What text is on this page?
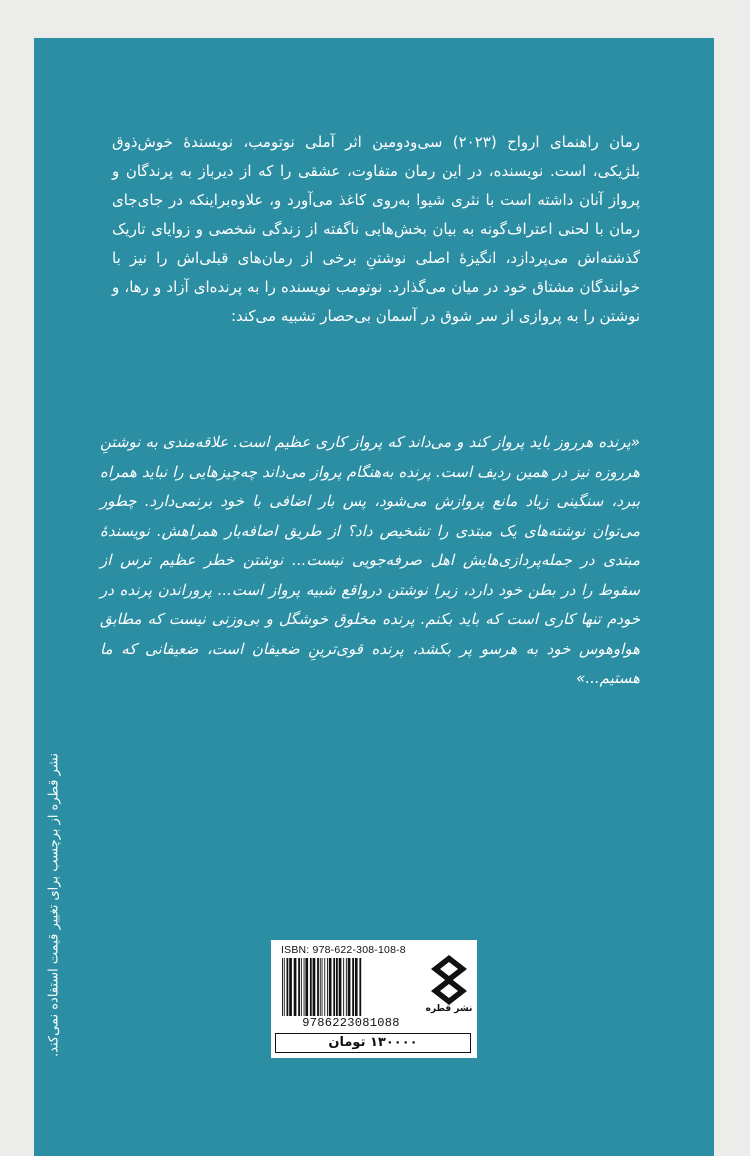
رمان راهنمای ارواح (۲۰۲۳) سی‌ودومین اثر آملی نوتومب، نویسندهٔ خوش‌ذوق بلژیکی، است. نویسنده، در این رمان متفاوت، عشقی را که از دیرباز به پرندگان و پرواز آنان داشته است با نثری شیوا به‌روی کاغذ می‌آورد و، علاوه‌براینکه در جای‌جای رمان با لحنی اعتراف‌گونه به بیان بخش‌هایی ناگفته از زندگی شخصی و زوایای تاریک گذشته‌اش می‌پردازد، انگیزهٔ اصلی نوشتنِ برخی از رمان‌های قبلی‌اش را نیز با خوانندگان مشتاق خود در میان می‌گذارد. نوتومب نویسنده را به پرنده‌ای آزاد و رها، و نوشتن را به پروازی از سر شوق در آسمان بی‌حصار تشبیه می‌کند:

«پرنده هرروز باید پرواز کند و می‌داند که پرواز کاری عظیم است. علاقه‌مندی به نوشتنِ هرروزه نیز در همین ردیف است. پرنده به‌هنگام پرواز می‌داند چه‌چیزهایی را نباید همراه ببرد، سنگینی زیاد مانع پروازش می‌شود، پس بار اضافی با خود برنمی‌دارد. چطور می‌توان نوشته‌های یک مبتدی را تشخیص داد؟ از طریق اضافه‌بار همراهش. نویسندهٔ مبتدی در جمله‌پردازی‌هایش اهل صرفه‌جویی نیست... نوشتن خطر عظیم ترس از سقوط را در بطن خود دارد، زیرا نوشتن درواقع شبیه پرواز است... پروراندن پرنده در خودم تنها کاری است که باید بکنم. پرنده مخلوق خوشگل و بی‌وزنی نیست که مطابق هواوهوس خود به هرسو پر بکشد، پرنده قوی‌ترینِ ضعیفان است، ضعیفانی که ما هستیم...»

نشر قطره از برچسب برای تغییر قیمت استفاده نمی‌کند.	ISBN: 978-622-308-108-8
9786223081088
نشر قطره
۱۳۰۰۰۰ تومان
